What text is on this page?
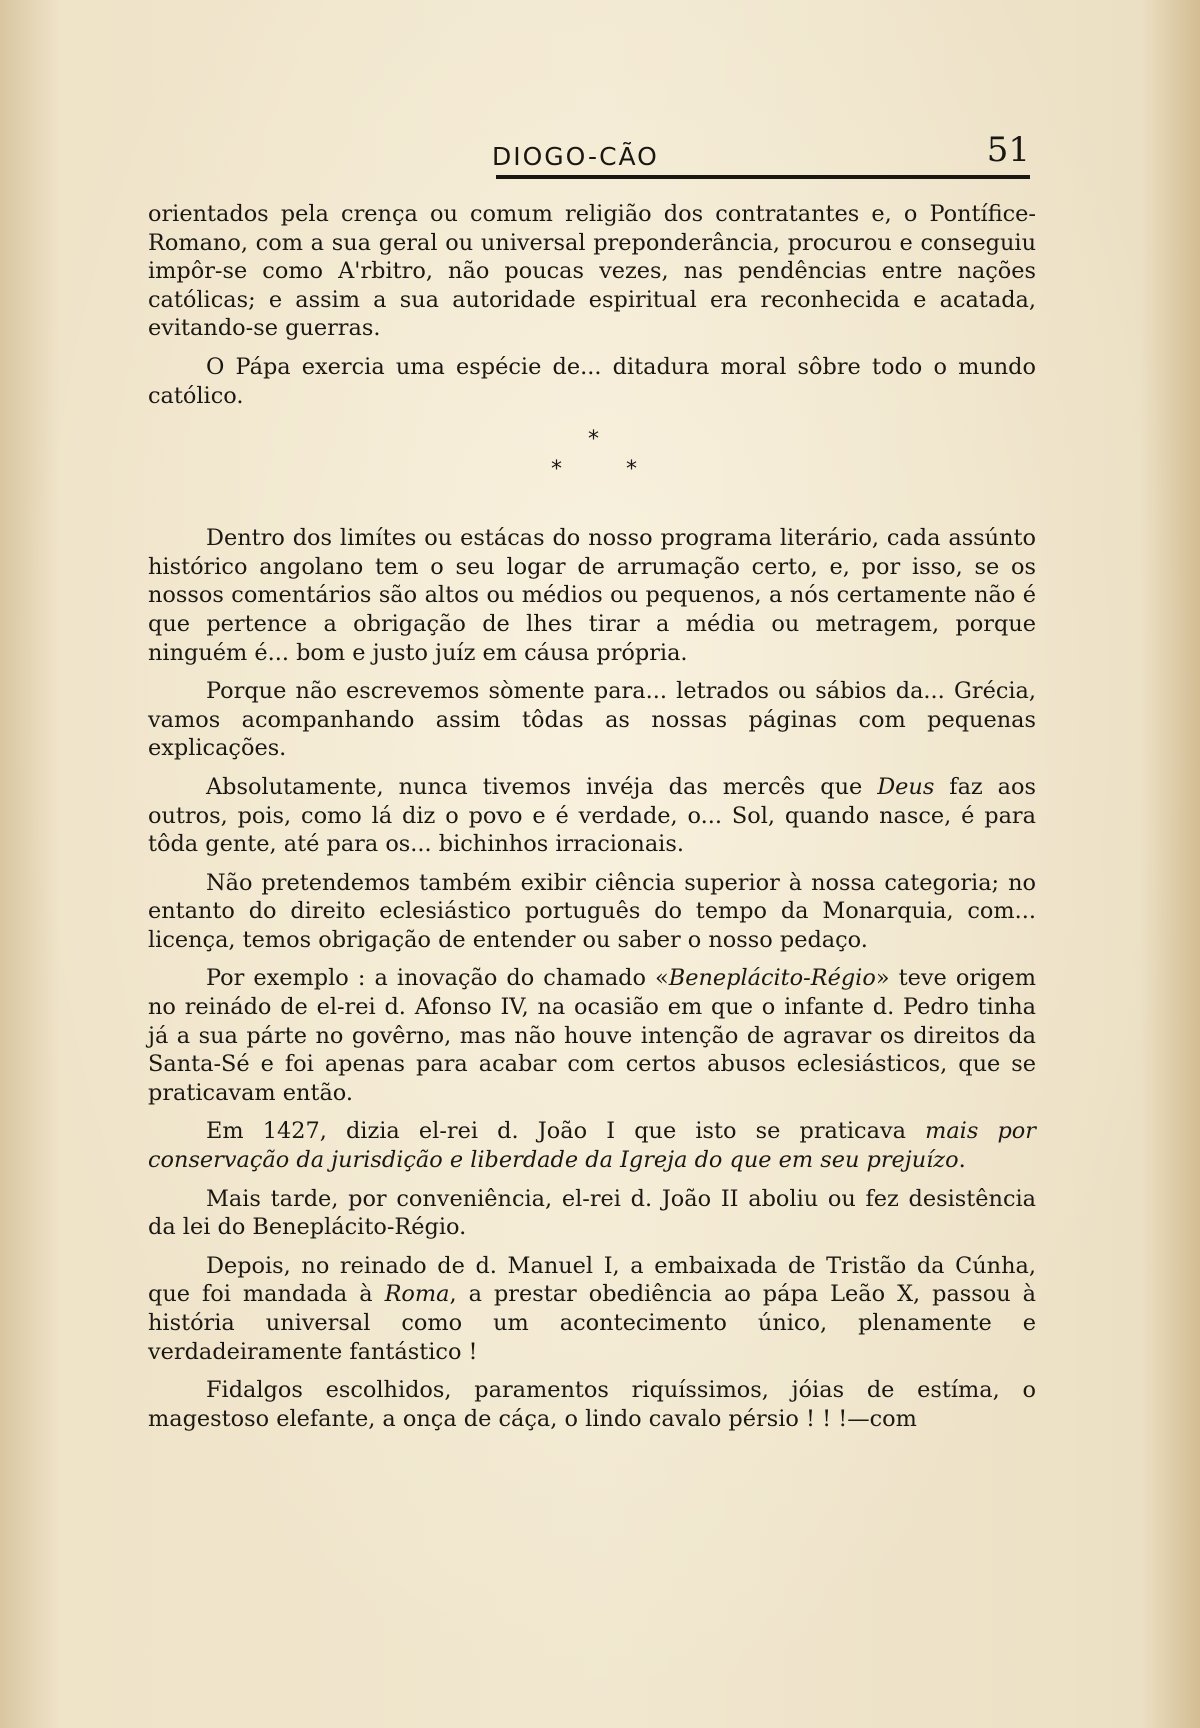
DIOGO-CÃO	51

orientados pela crença ou comum religião dos contratantes e, o Pontífice-Romano, com a sua geral ou universal preponderância, procurou e conseguiu impôr-se como A'rbitro, não poucas vezes, nas pendências entre nações católicas; e assim a sua autoridade espiritual era reconhecida e acatada, evitando-se guerras.

O Pápa exercia uma espécie de... ditadura moral sôbre todo o mundo católico.

*
*	*

Dentro dos limítes ou estácas do nosso programa literário, cada assúnto histórico angolano tem o seu logar de arrumação certo, e, por isso, se os nossos comentários são altos ou médios ou pequenos, a nós certamente não é que pertence a obrigação de lhes tirar a média ou metragem, porque ninguém é... bom e justo juíz em cáusa própria.

Porque não escrevemos sòmente para... letrados ou sábios da... Grécia, vamos acompanhando assim tôdas as nossas páginas com pequenas explicações.

Absolutamente, nunca tivemos invéja das mercês que Deus faz aos outros, pois, como lá diz o povo e é verdade, o... Sol, quando nasce, é para tôda gente, até para os... bichinhos irracionais.

Não pretendemos também exibir ciência superior à nossa categoria; no entanto do direito eclesiástico português do tempo da Monarquia, com... licença, temos obrigação de entender ou saber o nosso pedaço.

Por exemplo : a inovação do chamado «Beneplácito-Régio» teve origem no reinádo de el-rei d. Afonso IV, na ocasião em que o infante d. Pedro tinha já a sua párte no govêrno, mas não houve intenção de agravar os direitos da Santa-Sé e foi apenas para acabar com certos abusos eclesiásticos, que se praticavam então.

Em 1427, dizia el-rei d. João I que isto se praticava mais por conservação da jurisdição e liberdade da Igreja do que em seu prejuízo.

Mais tarde, por conveniência, el-rei d. João II aboliu ou fez desistência da lei do Beneplácito-Régio.

Depois, no reinado de d. Manuel I, a embaixada de Tristão da Cúnha, que foi mandada à Roma, a prestar obediência ao pápa Leão X, passou à história universal como um acontecimento único, plenamente e verdadeiramente fantástico !

Fidalgos escolhidos, paramentos riquíssimos, jóias de estíma, o magestoso elefante, a onça de cáça, o lindo cavalo pérsio ! ! !—com
